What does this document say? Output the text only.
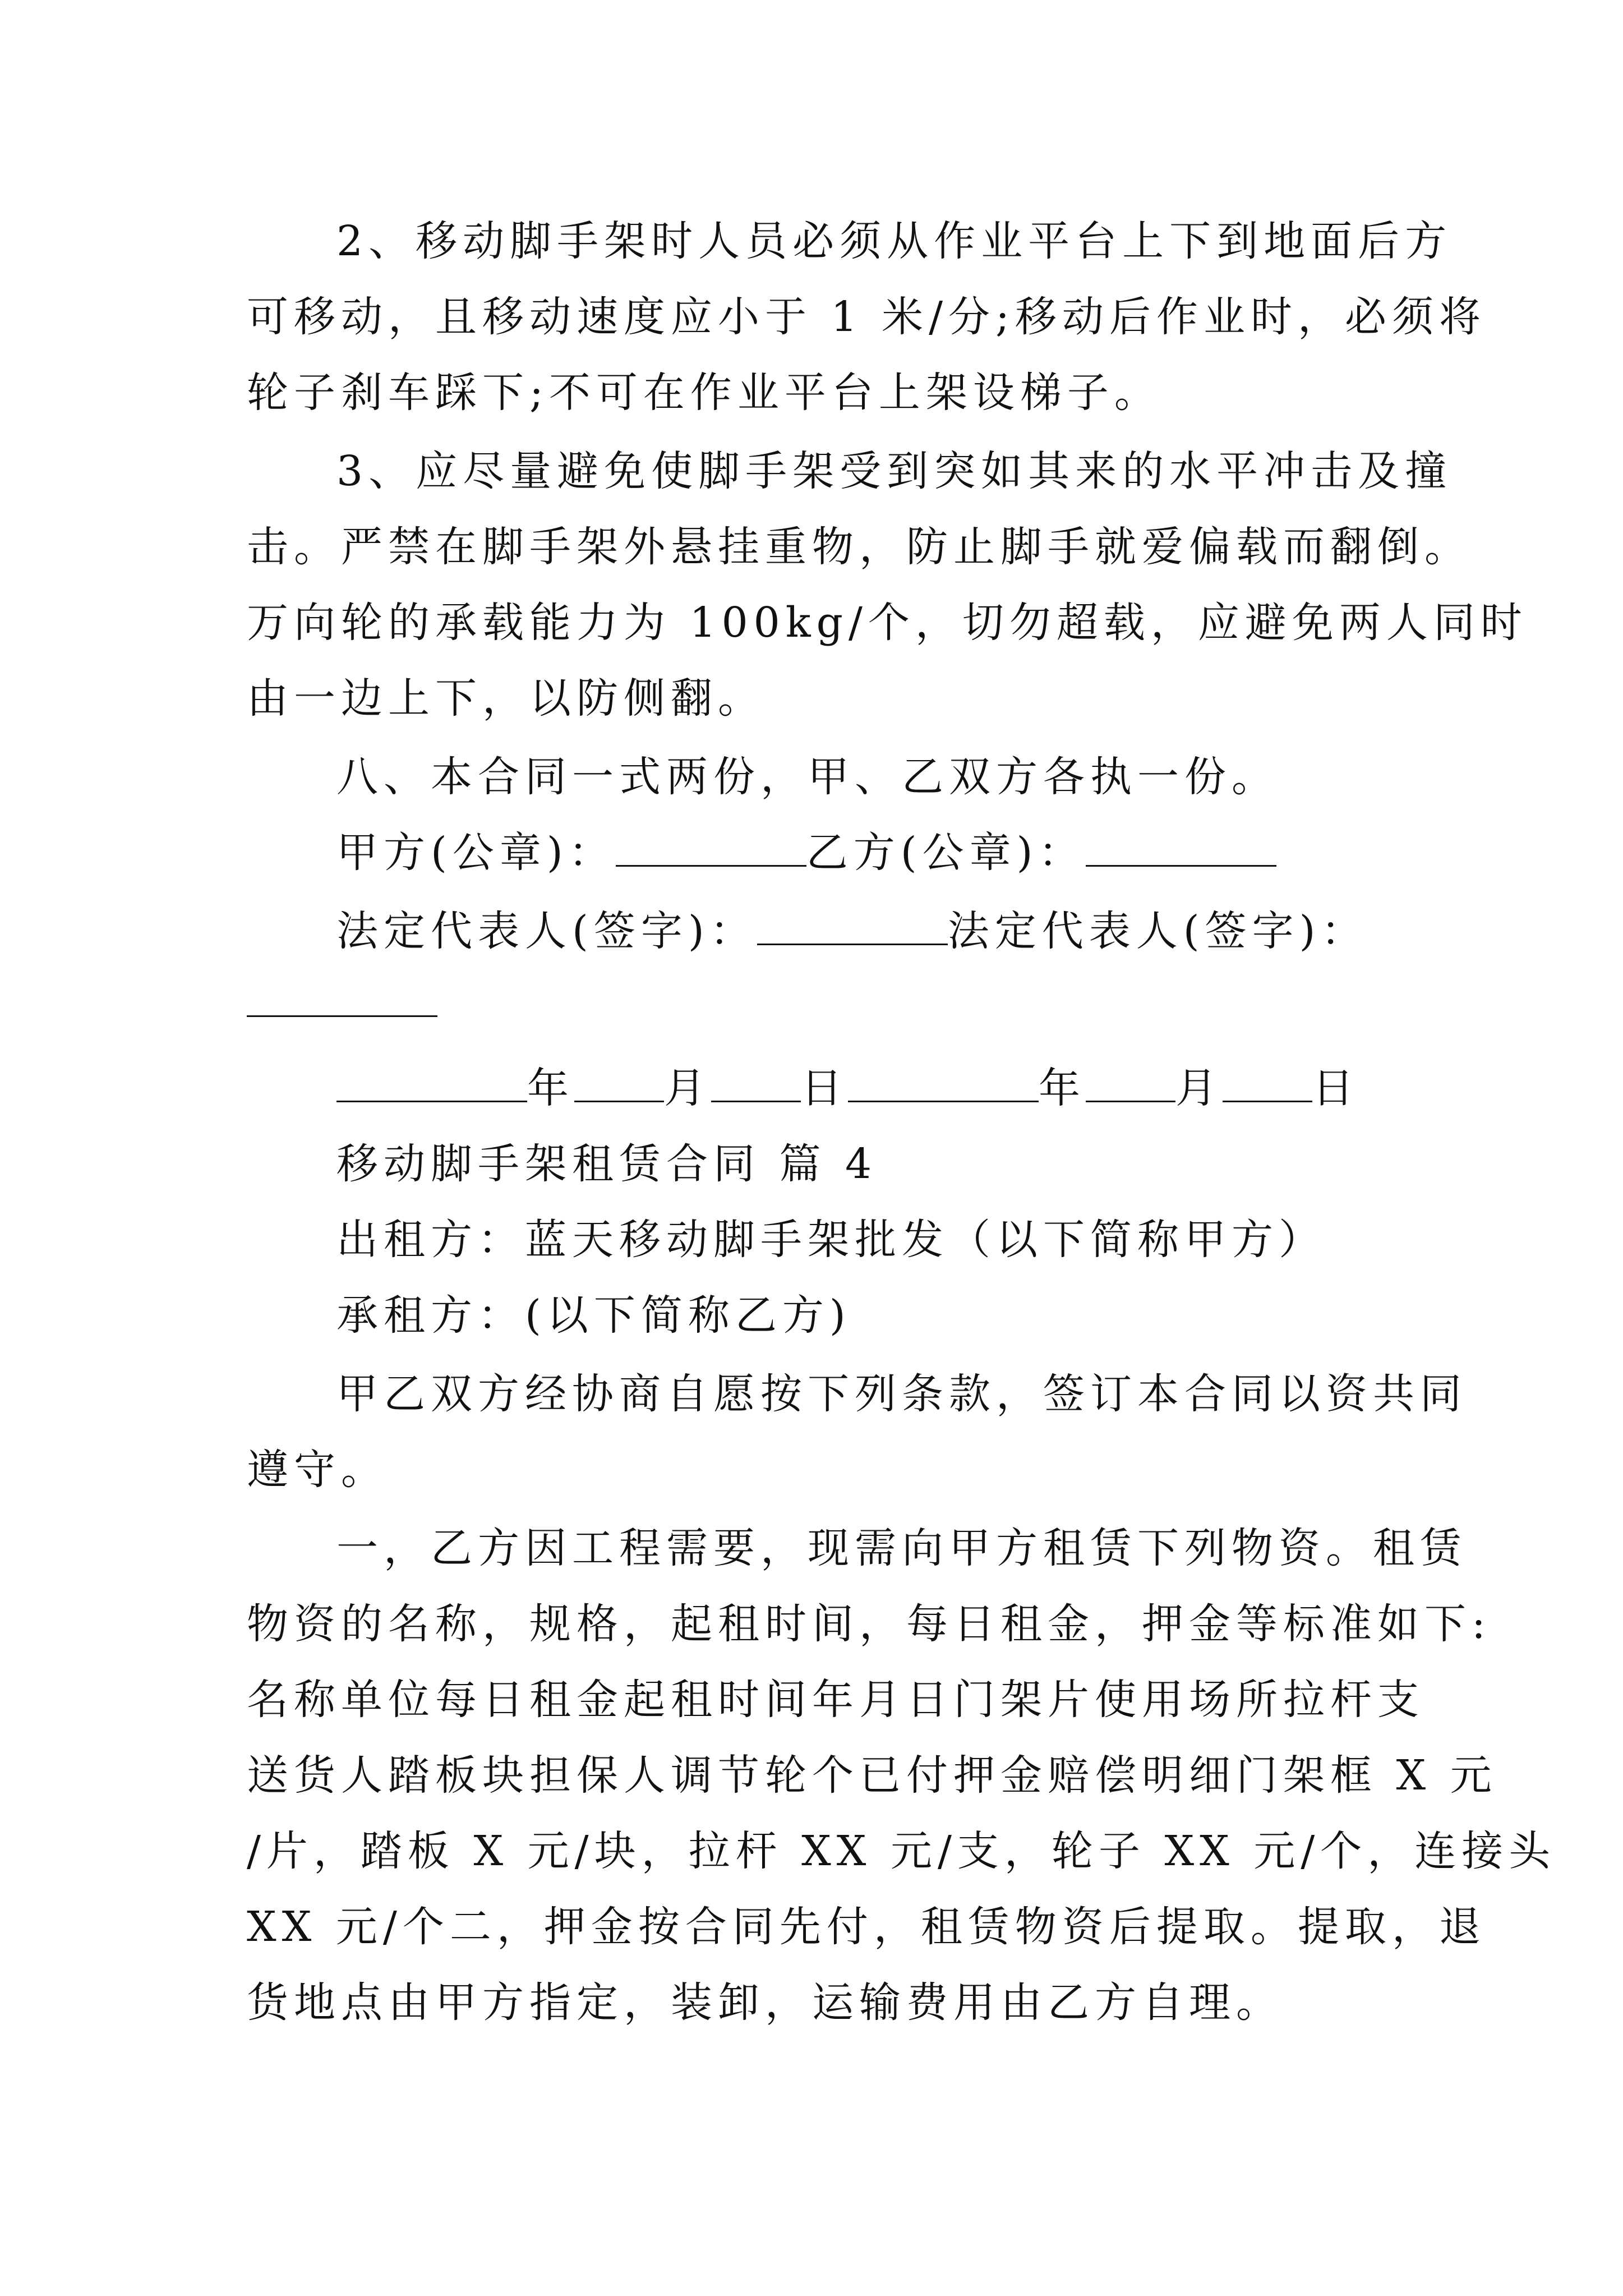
2、移动脚手架时人员必须从作业平台上下到地面后方
可移动，且移动速度应小于 1 米/分;移动后作业时，必须将
轮子刹车踩下;不可在作业平台上架设梯子。
3、应尽量避免使脚手架受到突如其来的水平冲击及撞
击。严禁在脚手架外悬挂重物，防止脚手就爱偏载而翻倒。
万向轮的承载能力为 100kg/个，切勿超载，应避免两人同时
由一边上下，以防侧翻。
八、本合同一式两份，甲、乙双方各执一份。
甲方(公章)：	乙方(公章)：
法定代表人(签字)：	法定代表人(签字)：
年 月 日	年 月 日
移动脚手架租赁合同 篇 4
出租方：蓝天移动脚手架批发（以下简称甲方）
承租方：(以下简称乙方)
甲乙双方经协商自愿按下列条款，签订本合同以资共同
遵守。
一，乙方因工程需要，现需向甲方租赁下列物资。租赁
物资的名称，规格，起租时间，每日租金，押金等标准如下:
名称单位每日租金起租时间年月日门架片使用场所拉杆支
送货人踏板块担保人调节轮个已付押金赔偿明细门架框 X 元
/片，踏板 X 元/块，拉杆 XX 元/支，轮子 XX 元/个，连接头
XX 元/个二，押金按合同先付，租赁物资后提取。提取，退
货地点由甲方指定，装卸，运输费用由乙方自理。
